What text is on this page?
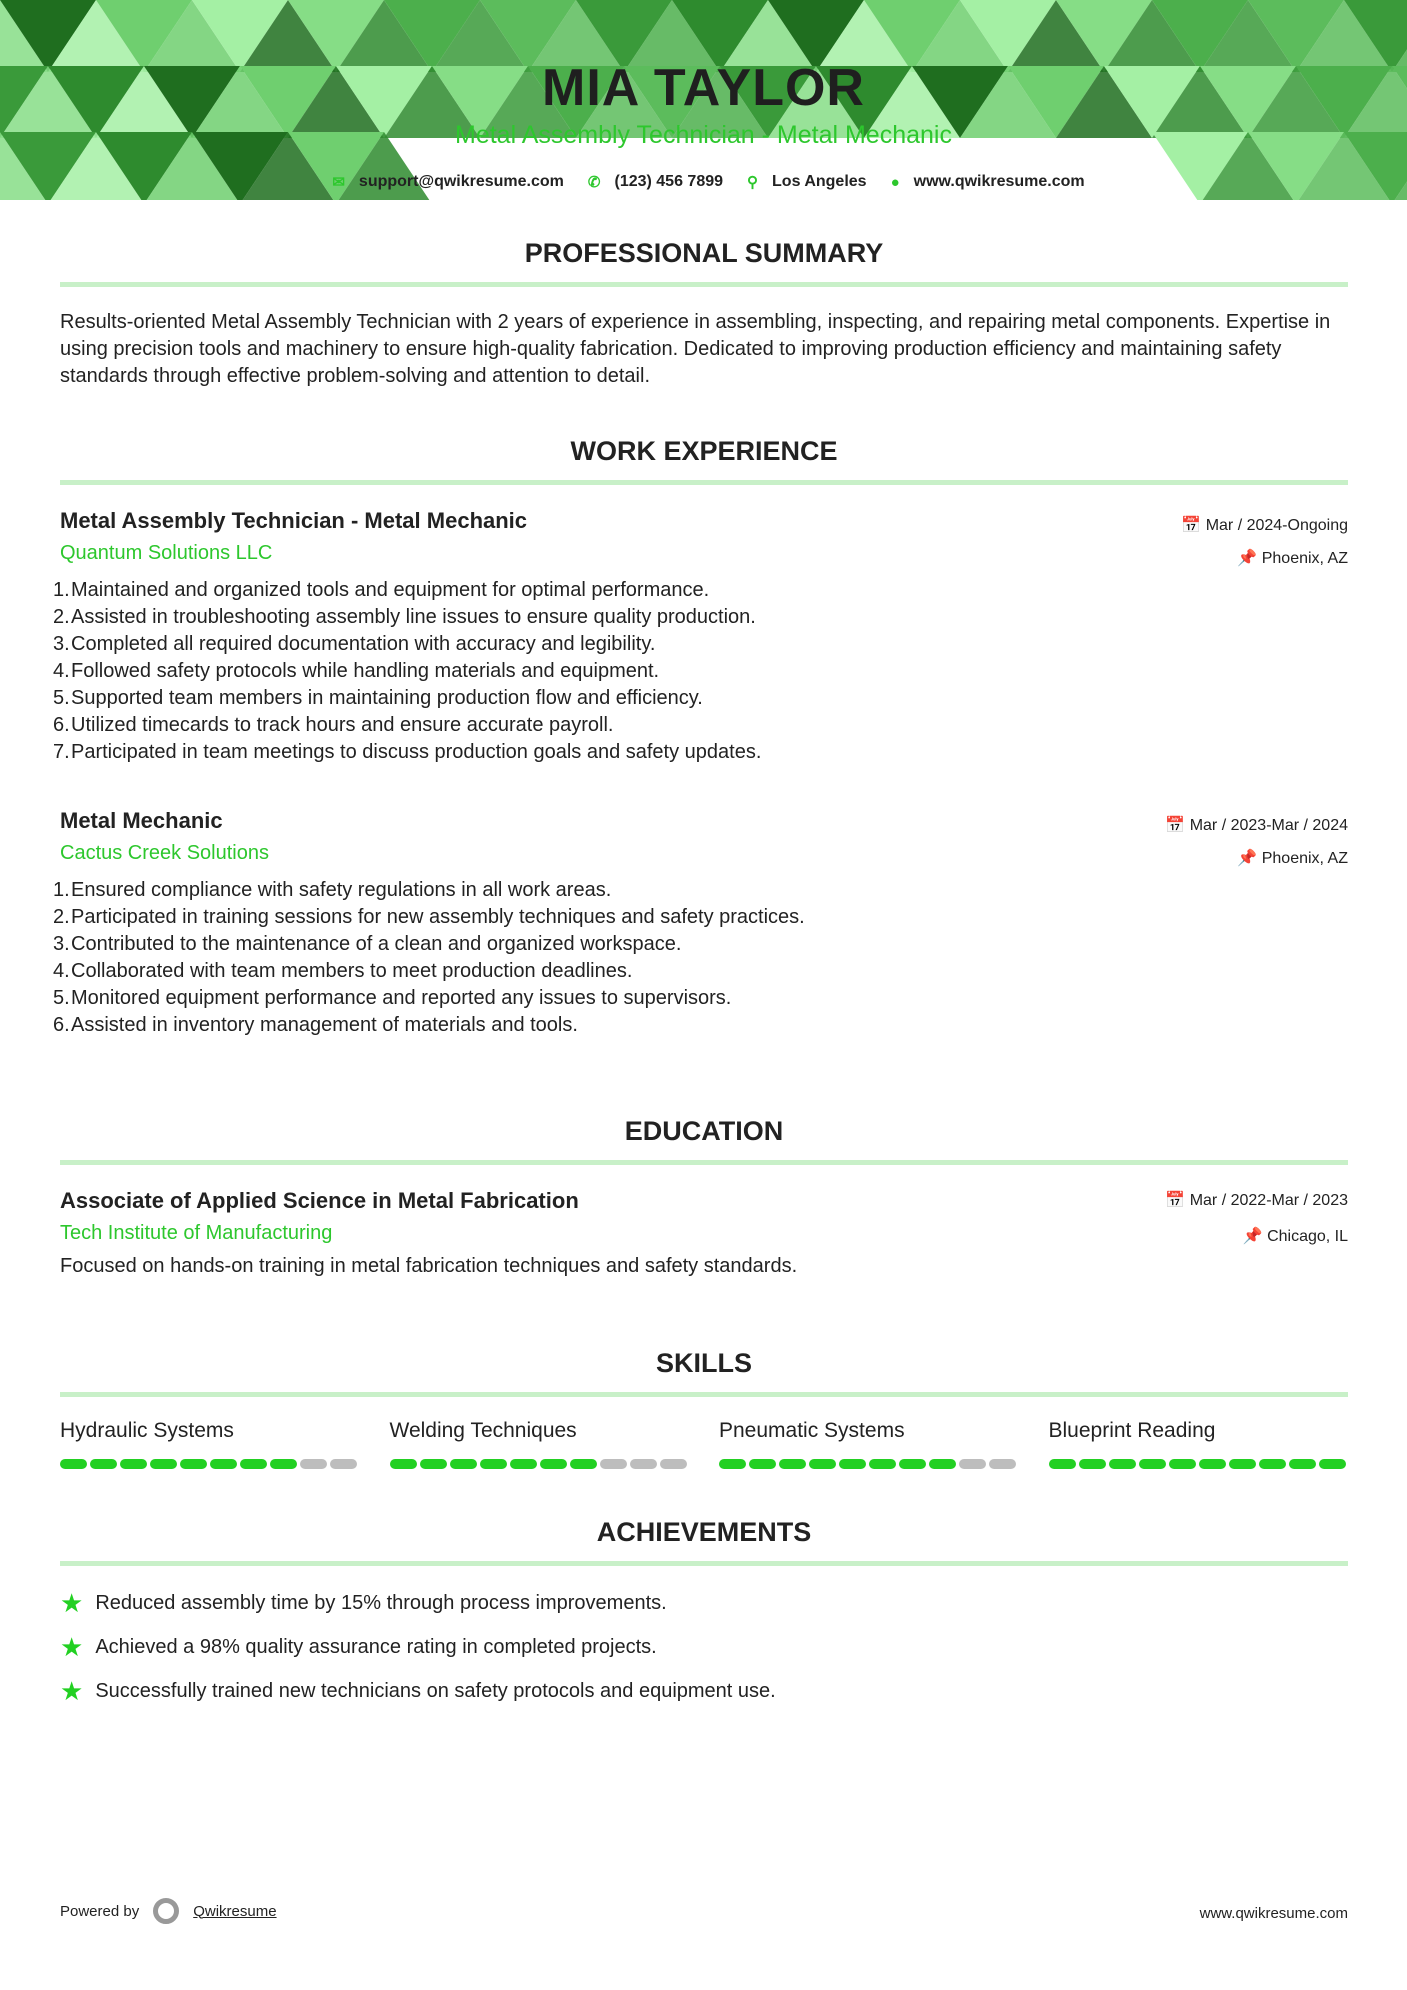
MIA TAYLOR
Metal Assembly Technician - Metal Mechanic
✉ support@qwikresume.com ✆ (123) 456 7899 ⚲ Los Angeles ● www.qwikresume.com
PROFESSIONAL SUMMARY

Results-oriented Metal Assembly Technician with 2 years of experience in assembling, inspecting, and repairing metal components. Expertise in using precision tools and machinery to ensure high-quality fabrication. Dedicated to improving production efficiency and maintaining safety standards through effective problem-solving and attention to detail.

WORK EXPERIENCE
Metal Assembly Technician - Metal Mechanic
Quantum Solutions LLC
📅 Mar / 2024-Ongoing
📌 Phoenix, AZ
1.Maintained and organized tools and equipment for optimal performance.
2.Assisted in troubleshooting assembly line issues to ensure quality production.
3.Completed all required documentation with accuracy and legibility.
4.Followed safety protocols while handling materials and equipment.
5.Supported team members in maintaining production flow and efficiency.
6.Utilized timecards to track hours and ensure accurate payroll.
7.Participated in team meetings to discuss production goals and safety updates.
Metal Mechanic
Cactus Creek Solutions
📅 Mar / 2023-Mar / 2024
📌 Phoenix, AZ
1.Ensured compliance with safety regulations in all work areas.
2.Participated in training sessions for new assembly techniques and safety practices.
3.Contributed to the maintenance of a clean and organized workspace.
4.Collaborated with team members to meet production deadlines.
5.Monitored equipment performance and reported any issues to supervisors.
6.Assisted in inventory management of materials and tools.
EDUCATION
Associate of Applied Science in Metal Fabrication
Tech Institute of Manufacturing
📅 Mar / 2022-Mar / 2023
📌 Chicago, IL

Focused on hands-on training in metal fabrication techniques and safety standards.

SKILLS
Hydraulic Systems	Welding Techniques	Pneumatic Systems	Blueprint Reading
ACHIEVEMENTS
★ Reduced assembly time by 15% through process improvements.
★ Achieved a 98% quality assurance rating in completed projects.
★ Successfully trained new technicians on safety protocols and equipment use.
Powered by	Qwikresume	www.qwikresume.com
